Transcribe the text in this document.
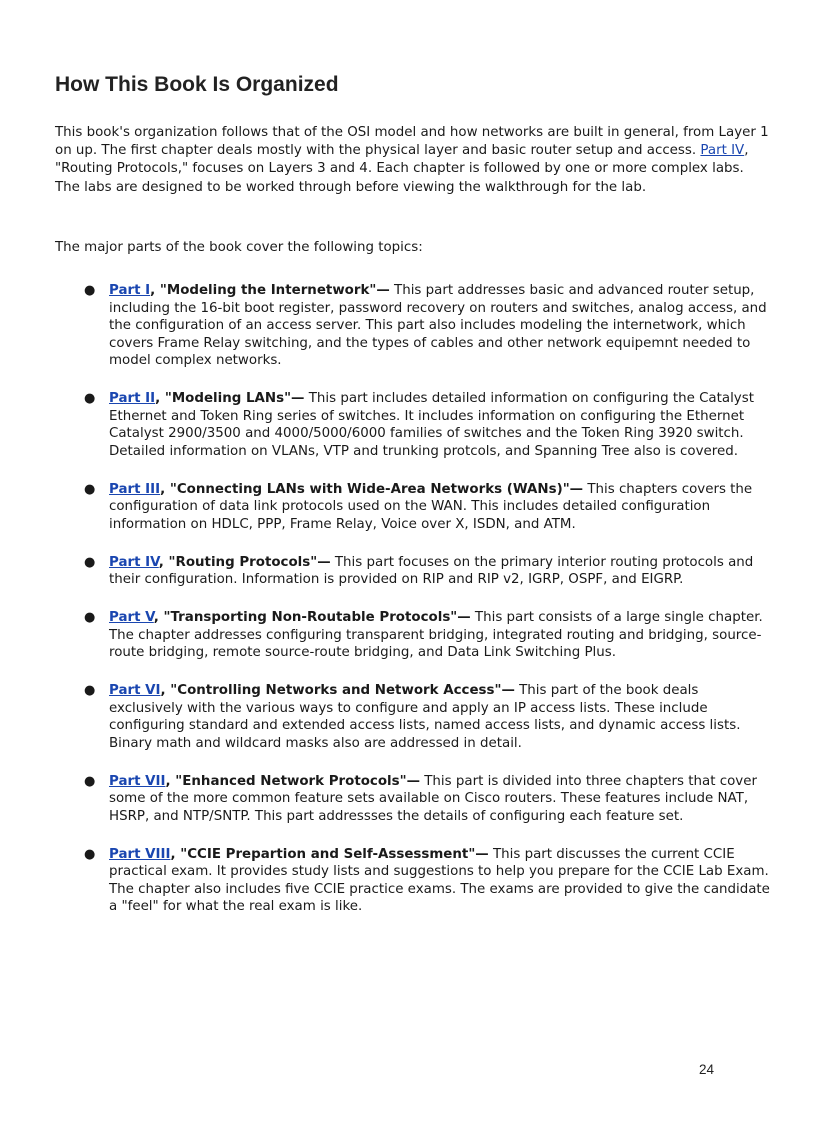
How This Book Is Organized

This book's organization follows that of the OSI model and how networks are built in general, from Layer 1 on up. The first chapter deals mostly with the physical layer and basic router setup and access. Part IV, "Routing Protocols," focuses on Layers 3 and 4. Each chapter is followed by one or more complex labs. The labs are designed to be worked through before viewing the walkthrough for the lab.

The major parts of the book cover the following topics:

● Part I, "Modeling the Internetwork"— This part addresses basic and advanced router setup, including the 16-bit boot register, password recovery on routers and switches, analog access, and the configuration of an access server. This part also includes modeling the internetwork, which covers Frame Relay switching, and the types of cables and other network equipemnt needed to model complex networks.
● Part II, "Modeling LANs"— This part includes detailed information on configuring the Catalyst Ethernet and Token Ring series of switches. It includes information on configuring the Ethernet Catalyst 2900/3500 and 4000/5000/6000 families of switches and the Token Ring 3920 switch. Detailed information on VLANs, VTP and trunking protcols, and Spanning Tree also is covered.
● Part III, "Connecting LANs with Wide-Area Networks (WANs)"— This chapters covers the configuration of data link protocols used on the WAN. This includes detailed configuration information on HDLC, PPP, Frame Relay, Voice over X, ISDN, and ATM.
● Part IV, "Routing Protocols"— This part focuses on the primary interior routing protocols and their configuration. Information is provided on RIP and RIP v2, IGRP, OSPF, and EIGRP.
● Part V, "Transporting Non-Routable Protocols"— This part consists of a large single chapter. The chapter addresses configuring transparent bridging, integrated routing and bridging, source-route bridging, remote source-route bridging, and Data Link Switching Plus.
● Part VI, "Controlling Networks and Network Access"— This part of the book deals exclusively with the various ways to configure and apply an IP access lists. These include configuring standard and extended access lists, named access lists, and dynamic access lists. Binary math and wildcard masks also are addressed in detail.
● Part VII, "Enhanced Network Protocols"— This part is divided into three chapters that cover some of the more common feature sets available on Cisco routers. These features include NAT, HSRP, and NTP/SNTP. This part addressses the details of configuring each feature set.
● Part VIII, "CCIE Prepartion and Self-Assessment"— This part discusses the current CCIE practical exam. It provides study lists and suggestions to help you prepare for the CCIE Lab Exam. The chapter also includes five CCIE practice exams. The exams are provided to give the candidate a "feel" for what the real exam is like.
24
